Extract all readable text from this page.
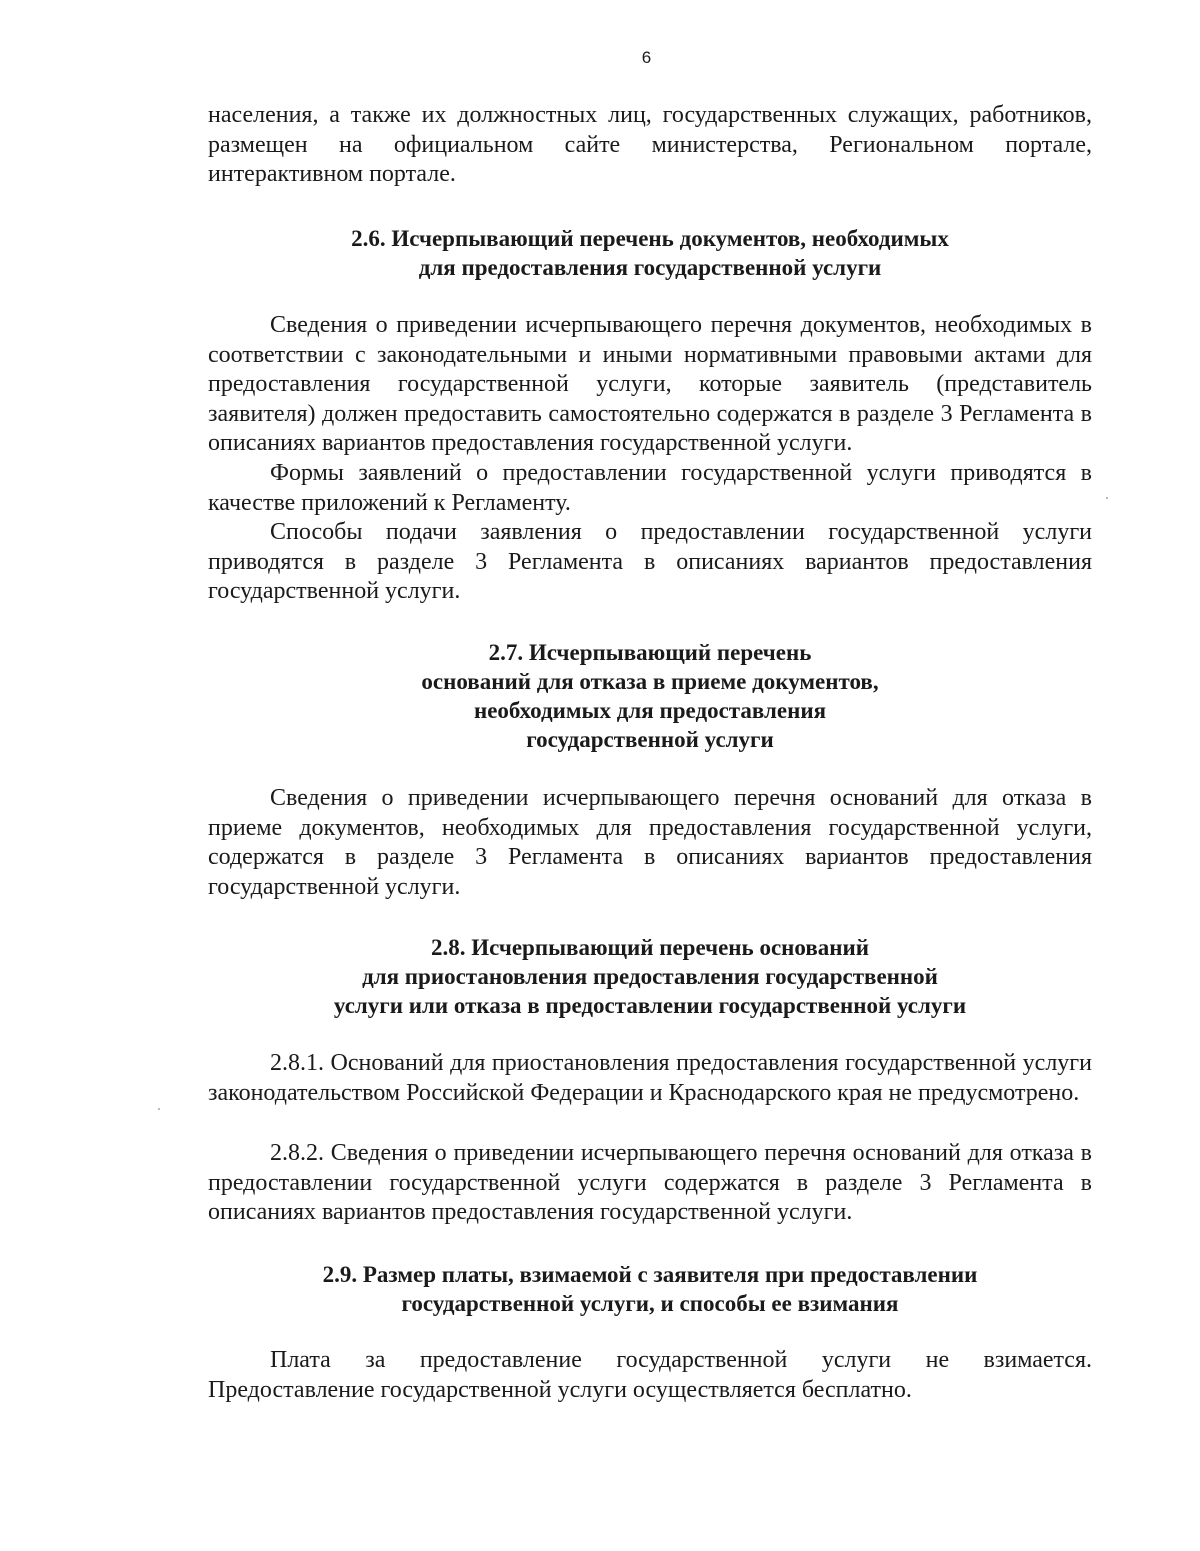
6

населения, а также их должностных лиц, государственных служащих, работников, размещен на официальном сайте министерства, Региональном портале, интерактивном портале.

2.6. Исчерпывающий перечень документов, необходимых
для предоставления государственной услуги

Сведения о приведении исчерпывающего перечня документов, необходимых в соответствии с законодательными и иными нормативными правовыми актами для предоставления государственной услуги, которые заявитель (представитель заявителя) должен предоставить самостоятельно содержатся в разделе 3 Регламента в описаниях вариантов предоставления государственной услуги.

Формы заявлений о предоставлении государственной услуги приводятся в качестве приложений к Регламенту.

Способы подачи заявления о предоставлении государственной услуги приводятся в разделе 3 Регламента в описаниях вариантов предоставления государственной услуги.

2.7. Исчерпывающий перечень
оснований для отказа в приеме документов,
необходимых для предоставления
государственной услуги

Сведения о приведении исчерпывающего перечня оснований для отказа в приеме документов, необходимых для предоставления государственной услуги, содержатся в разделе 3 Регламента в описаниях вариантов предоставления государственной услуги.

2.8. Исчерпывающий перечень оснований
для приостановления предоставления государственной
услуги или отказа в предоставлении государственной услуги

2.8.1. Оснований для приостановления предоставления государственной услуги законодательством Российской Федерации и Краснодарского края не предусмотрено.

2.8.2. Сведения о приведении исчерпывающего перечня оснований для отказа в предоставлении государственной услуги содержатся в разделе 3 Регламента в описаниях вариантов предоставления государственной услуги.

2.9. Размер платы, взимаемой с заявителя при предоставлении
государственной услуги, и способы ее взимания

Плата за предоставление государственной услуги не взимается. Предоставление государственной услуги осуществляется бесплатно.
